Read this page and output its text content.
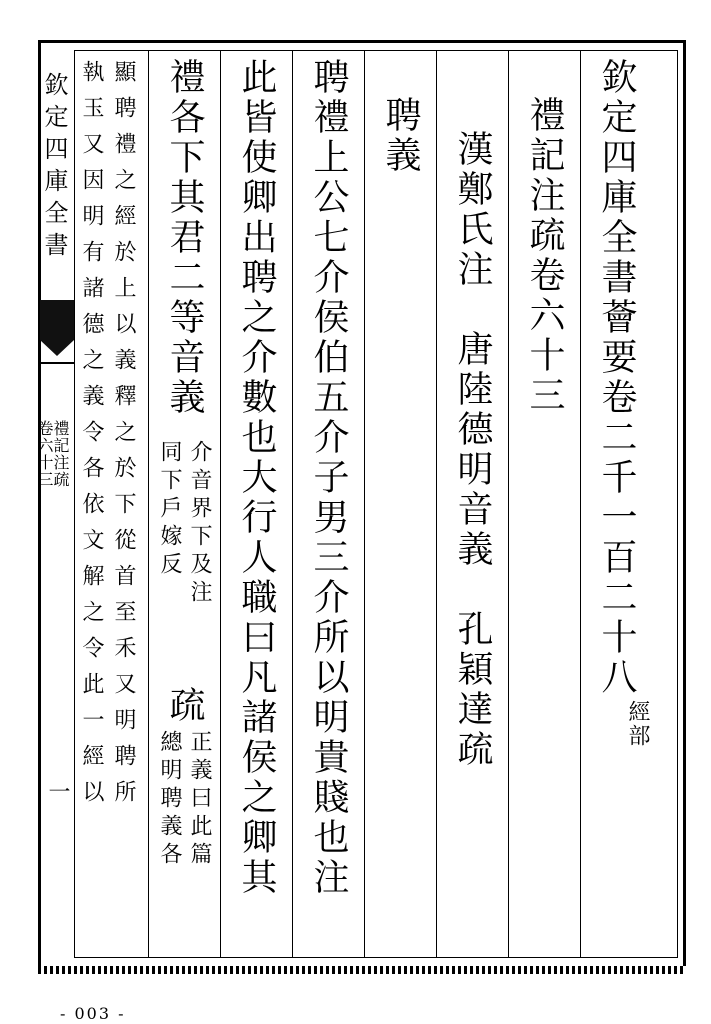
欽定四庫全書
禮記注疏
卷六十三
一
欽定四庫全書薈要卷二千一百二十八
經部
禮記注疏卷六十三
漢鄭氏注　唐陸德明音義　孔穎達疏
聘義
聘禮上公七介侯伯五介子男三介所以明貴賤也注
此皆使卿出聘之介數也大行人職曰凡諸侯之卿其
禮各下其君二等音義
介音界下及注
同下戶嫁反
疏
正義曰此篇
總明聘義各
顯聘禮之經於上以義釋之於下從首至禾又明聘所
執玉又因明有諸德之義令各依文解之令此一經以
- 003 -
